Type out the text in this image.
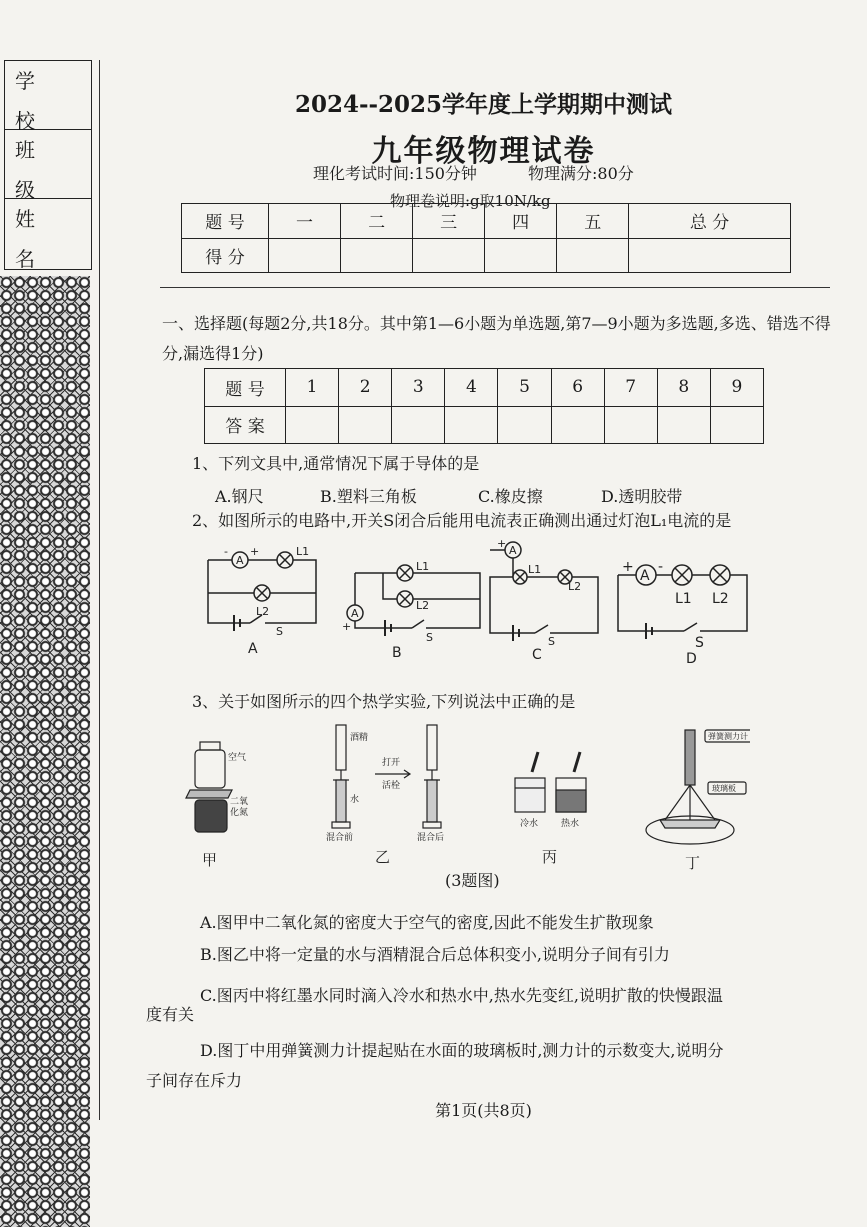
学校
班级
姓名
2024--2025学年度上学期期中测试
九年级物理试卷
理化考试时间:150分钟	物理满分:80分
物理卷说明:g取10N/kg
题 号	一	二	三	四	五	总 分
得 分						
一、选择题(每题2分,共18分。其中第1—6小题为单选题,第7—9小题为多选题,多选、错选不得分,漏选得1分)
题 号	1	2	3	4	5	6	7	8	9
答 案									
1、下列文具中,通常情况下属于导体的是
A.钢尺	B.塑料三角板	C.橡皮擦	D.透明胶带
2、如图所示的电路中,开关S闭合后能用电流表正确测出通过灯泡L₁电流的是
A
- +	L1
L2
S
A
L1
L2
A
+
S
B
A
+
L1
L2
S
C
+
A
-
L1 L2
S
D
3、关于如图所示的四个热学实验,下列说法中正确的是
空气
二氧
化氮
酒精
水
打开
活栓
混合前	混合后
冷水	热水
弹簧测力计
玻璃板
甲	乙	丙	丁
(3题图)
A.图甲中二氧化氮的密度大于空气的密度,因此不能发生扩散现象
B.图乙中将一定量的水与酒精混合后总体积变小,说明分子间有引力
C.图丙中将红墨水同时滴入冷水和热水中,热水先变红,说明扩散的快慢跟温
度有关
D.图丁中用弹簧测力计提起贴在水面的玻璃板时,测力计的示数变大,说明分
子间存在斥力
第1页(共8页)
